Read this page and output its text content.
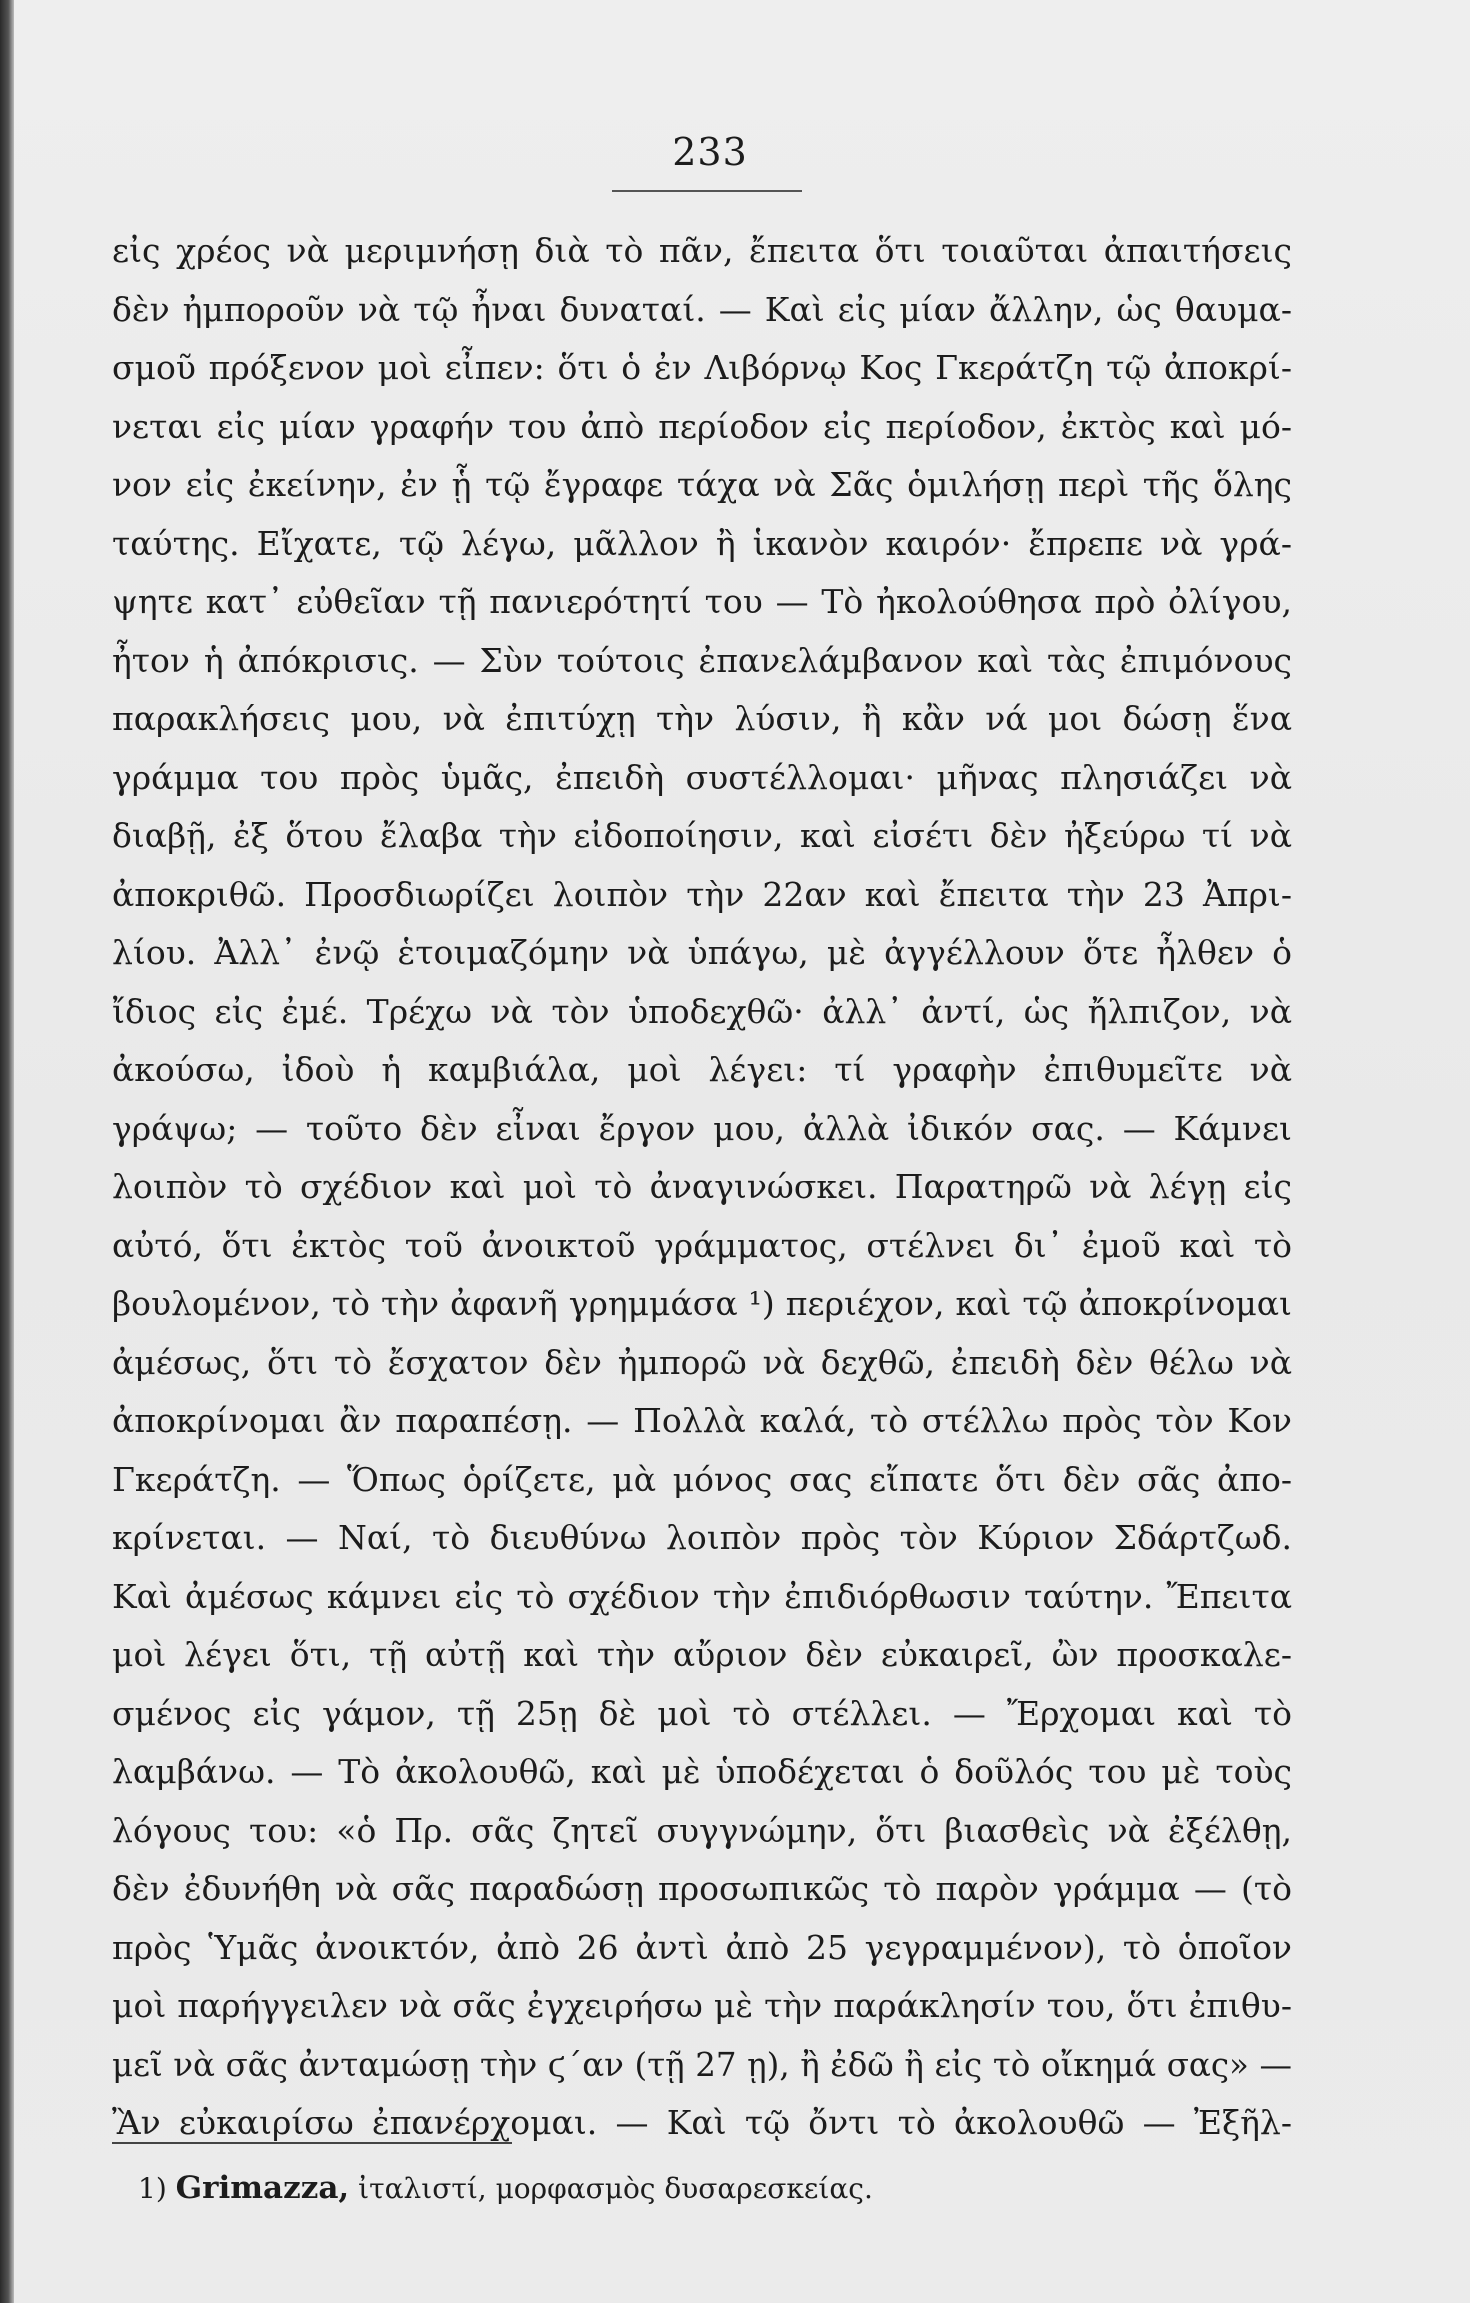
233
εἰς χρέος νὰ μεριμνήσῃ διὰ τὸ πᾶν, ἔπειτα ὅτι τοιαῦται ἀπαιτήσεις
δὲν ἠμποροῦν νὰ τῷ ἦναι δυναταί. — Καὶ εἰς μίαν ἄλλην, ὡς θαυμα-
σμοῦ πρόξενον μοὶ εἶπεν: ὅτι ὁ ἐν Λιβόρνῳ Κος Γκεράτζη τῷ ἀποκρί-
νεται εἰς μίαν γραφήν του ἀπὸ περίοδον εἰς περίοδον, ἐκτὸς καὶ μό-
νον εἰς ἐκείνην, ἐν ᾗ τῷ ἔγραφε τάχα νὰ Σᾶς ὁμιλήσῃ περὶ τῆς ὅλης
ταύτης. Εἴχατε, τῷ λέγω, μᾶλλον ἢ ἱκανὸν καιρόν· ἔπρεπε νὰ γρά-
ψητε κατ᾽ εὐθεῖαν τῇ πανιερότητί του — Τὸ ἠκολούθησα πρὸ ὀλίγου,
ἦτον ἡ ἀπόκρισις. — Σὺν τούτοις ἐπανελάμβανον καὶ τὰς ἐπιμόνους
παρακλήσεις μου, νὰ ἐπιτύχῃ τὴν λύσιν, ἢ κἂν νά μοι δώσῃ ἕνα
γράμμα του πρὸς ὑμᾶς, ἐπειδὴ συστέλλομαι· μῆνας πλησιάζει νὰ
διαβῇ, ἐξ ὅτου ἔλαβα τὴν εἰδοποίησιν, καὶ εἰσέτι δὲν ἠξεύρω τί νὰ
ἀποκριθῶ. Προσδιωρίζει λοιπὸν τὴν 22αν καὶ ἔπειτα τὴν 23 Ἀπρι-
λίου. Ἀλλ᾽ ἐνῷ ἑτοιμαζόμην νὰ ὑπάγω, μὲ ἀγγέλλουν ὅτε ἦλθεν ὁ
ἴδιος εἰς ἐμέ. Τρέχω νὰ τὸν ὑποδεχθῶ· ἀλλ᾽ ἀντί, ὡς ἤλπιζον, νὰ
ἀκούσω, ἰδοὺ ἡ καμβιάλα, μοὶ λέγει: τί γραφὴν ἐπιθυμεῖτε νὰ
γράψω; — τοῦτο δὲν εἶναι ἔργον μου, ἀλλὰ ἰδικόν σας. — Κάμνει
λοιπὸν τὸ σχέδιον καὶ μοὶ τὸ ἀναγινώσκει. Παρατηρῶ νὰ λέγῃ εἰς
αὐτό, ὅτι ἐκτὸς τοῦ ἀνοικτοῦ γράμματος, στέλνει δι᾽ ἐμοῦ καὶ τὸ
βουλομένον, τὸ τὴν ἀφανῆ γρημμάσα ¹) περιέχον, καὶ τῷ ἀποκρίνομαι
ἀμέσως, ὅτι τὸ ἔσχατον δὲν ἠμπορῶ νὰ δεχθῶ, ἐπειδὴ δὲν θέλω νὰ
ἀποκρίνομαι ἂν παραπέσῃ. — Πολλὰ καλά, τὸ στέλλω πρὸς τὸν Κον
Γκεράτζη. — Ὅπως ὁρίζετε, μὰ μόνος σας εἴπατε ὅτι δὲν σᾶς ἀπο-
κρίνεται. — Ναί, τὸ διευθύνω λοιπὸν πρὸς τὸν Κύριον Σδάρτζωδ.
Καὶ ἀμέσως κάμνει εἰς τὸ σχέδιον τὴν ἐπιδιόρθωσιν ταύτην. Ἔπειτα
μοὶ λέγει ὅτι, τῇ αὐτῇ καὶ τὴν αὔριον δὲν εὐκαιρεῖ, ὢν προσκαλε-
σμένος εἰς γάμον, τῇ 25ῃ δὲ μοὶ τὸ στέλλει. — Ἔρχομαι καὶ τὸ
λαμβάνω. — Τὸ ἀκολουθῶ, καὶ μὲ ὑποδέχεται ὁ δοῦλός του μὲ τοὺς
λόγους του: «ὁ Πρ. σᾶς ζητεῖ συγγνώμην, ὅτι βιασθεὶς νὰ ἐξέλθῃ,
δὲν ἐδυνήθη νὰ σᾶς παραδώσῃ προσωπικῶς τὸ παρὸν γράμμα — (τὸ
πρὸς Ὑμᾶς ἀνοικτόν, ἀπὸ 26 ἀντὶ ἀπὸ 25 γεγραμμένον), τὸ ὁποῖον
μοὶ παρήγγειλεν νὰ σᾶς ἐγχειρήσω μὲ τὴν παράκλησίν του, ὅτι ἐπιθυ-
μεῖ νὰ σᾶς ἀνταμώσῃ τὴν ϛ´αν (τῇ 27 ῃ), ἢ ἐδῶ ἢ εἰς τὸ οἴκημά σας» —
Ἂν εὐκαιρίσω ἐπανέρχομαι. — Καὶ τῷ ὄντι τὸ ἀκολουθῶ — Ἐξῆλ-
1) Grimazza, ἰταλιστί, μορφασμὸς δυσαρεσκείας.
